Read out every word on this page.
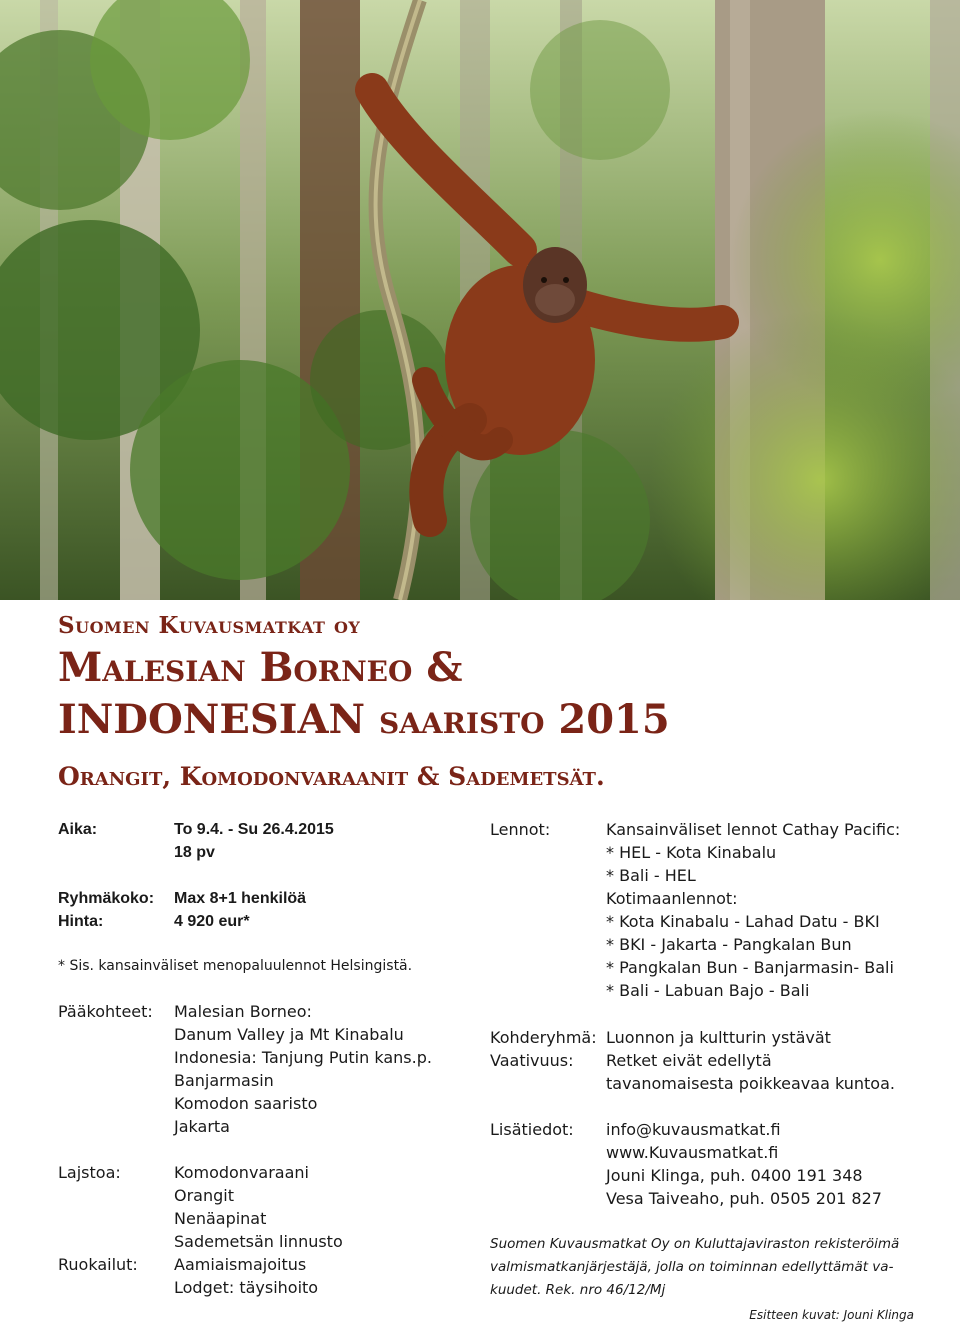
Suomen Kuvausmatkat oy
Malesian Borneo &
INDONESIAN saaristo 2015
Orangit, Komodonvaraanit & Sademetsät.
Aika:	To 9.4. - Su 26.4.2015
18 pv
Ryhmäkoko: Max 8+1 henkilöä
Hinta:	4 920 eur*
* Sis. kansainväliset menopaluulennot Helsingistä.
Pääkohteet: Malesian Borneo:
Danum Valley ja Mt Kinabalu
Indonesia: Tanjung Putin kans.p.
Banjarmasin
Komodon saaristo
Jakarta
Lajstoa:	Komodonvaraani
Orangit
Nenäapinat
Sademetsän linnusto
Ruokailut: Aamiaismajoitus
Lodget: täysihoito
Lennot:	Kansainväliset lennot Cathay Pacific:
* HEL - Kota Kinabalu
* Bali - HEL
Kotimaanlennot:
* Kota Kinabalu - Lahad Datu - BKI
* BKI - Jakarta - Pangkalan Bun
* Pangkalan Bun - Banjarmasin- Bali
* Bali - Labuan Bajo - Bali
Kohderyhmä: Luonnon ja kultturin ystävät
Vaativuus: Retket eivät edellytä
tavanomaisesta poikkeavaa kuntoa.
Lisätiedot: info@kuvausmatkat.fi
www.Kuvausmatkat.fi
Jouni Klinga, puh. 0400 191 348
Vesa Taiveaho, puh. 0505 201 827
Suomen Kuvausmatkat Oy on Kuluttajaviraston rekisteröimä
valmismatkanjärjestäjä, jolla on toiminnan edellyttämät va-
kuudet. Rek. nro 46/12/Mj
Esitteen kuvat: Jouni Klinga
